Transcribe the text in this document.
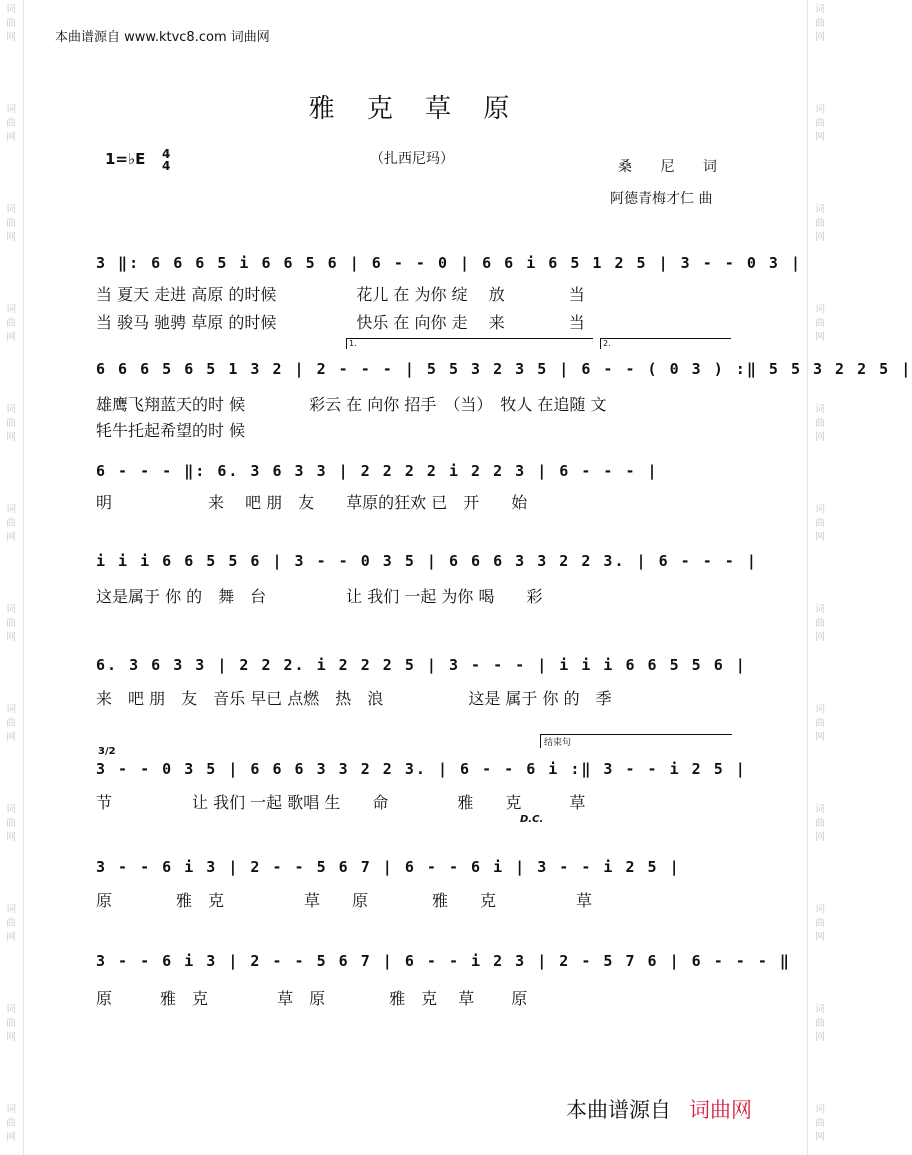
词
曲
网
词
曲
网
词
曲
网
词
曲
网
词
曲
网
词
曲
网
词
曲
网
词
曲
网
词
曲
网
词
曲
网
词
曲
网
词
曲
网
词
曲
网
词
曲
网
词
曲
网
词
曲
网
词
曲
网
词
曲
网
词
曲
网
词
曲
网
词
曲
网
词
曲
网
词
曲
网
词
曲
网
本曲谱源自 www.ktvc8.com 词曲网
雅 克 草 原
1=♭E 4
4	（扎西尼玛）	桑 尼 词
阿德青梅才仁 曲
3 ‖: 6 6 6 5 i 6 6 5 6 | 6 - - 0 | 6 6 i 6 5 1 2 5 | 3 - - 0 3 |
当 夏天 走进 高原 的时候　　　　　花儿 在 为你 绽　 放　　　　当
当 骏马 驰骋 草原 的时候　　　　　快乐 在 向你 走　 来　　　　当
1.	2.
6 6 6 5 6 5 1 3 2 | 2 - - - | 5 5 3 2 3 5 | 6 - - ( 0 3 ) :‖ 5 5 3 2 2 5 |
雄鹰飞翔蓝天的时 候　　　　彩云 在 向你 招手　（当）　牧人 在追随 文
牦牛托起希望的时 候
6 - - - ‖: 6. 3 6 3 3 | 2 2 2 2 i 2 2 3 | 6 - - - |
明　　　　　　来　 吧 朋　友　　草原的狂欢 已　开　　始
i i i 6 6 5 5 6 | 3 - - 0 3 5 | 6 6 6 3 3 2 2 3. | 6 - - - |
这是属于 你 的　舞　台　　　　　让 我们 一起 为你 喝　　彩
6. 3 6 3 3 | 2 2 2. i 2 2 2 5 | 3 - - - | i i i 6 6 5 5 6 |
来　吧 朋　友　音乐 早已 点燃　热　浪　　　　　 这是 属于 你 的　季
结束句
3/2
3 - - 0 3 5 | 6 6 6 3 3 2 2 3. | 6 - - 6 i :‖ 3 - - i 2 5 |
节　　　　　让 我们 一起 歌唱 生　　命　　　　 雅　　克　　　草
D.C.
3 - - 6 i 3 | 2 - - 5 6 7 | 6 - - 6 i | 3 - - i 2 5 |
原　　　　雅　克　　　　　草　　原　　　　雅　　克　　　　　草
3 - - 6 i 3 | 2 - - 5 6 7 | 6 - - i 2 3 | 2 - 5 7 6 | 6 - - - ‖
原　　　雅　克　　　　 草　原　　　　雅　克　 草　　 原
本曲谱源自 词曲网
